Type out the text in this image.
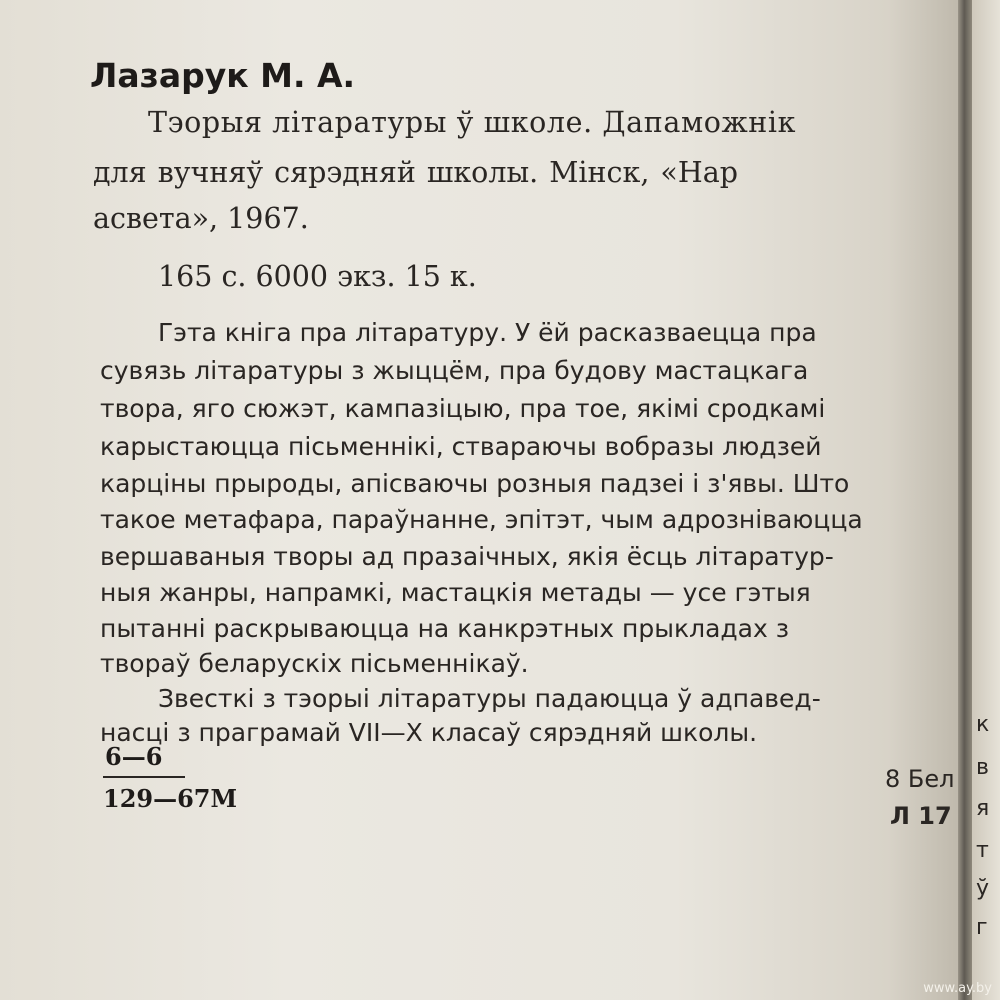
Лазарук М. А.
Тэорыя літаратуры ў школе. Дапаможнік
для вучняў сярэдняй школы. Мінск, «Нар
асвета», 1967.
165 с. 6000 экз. 15 к.
Гэта кніга пра літаратуру. У ёй расказваецца пра
сувязь літаратуры з жыццём, пра будову мастацкага
твора, яго сюжэт, кампазіцыю, пра тое, якімі сродкамі
карыстаюцца пісьменнікі, ствараючы вобразы людзей
карціны прыроды, апісваючы розныя падзеі і з'явы. Што
такое метафара, параўнанне, эпітэт, чым адрозніваюцца
вершаваныя творы ад празаічных, якія ёсць літаратур-
ныя жанры, напрамкі, мастацкія метады — усе гэтыя
пытанні раскрываюцца на канкрэтных прыкладах з
твораў беларускіх пісьменнікаў.
Звесткі з тэорыі літаратуры падаюцца ў адпавед-
насці з праграмай VII—X класаў сярэдняй школы.
6—6
129—67М
8 Бел
Л 17
к
в
я
т
ў
г
www.ay.by
